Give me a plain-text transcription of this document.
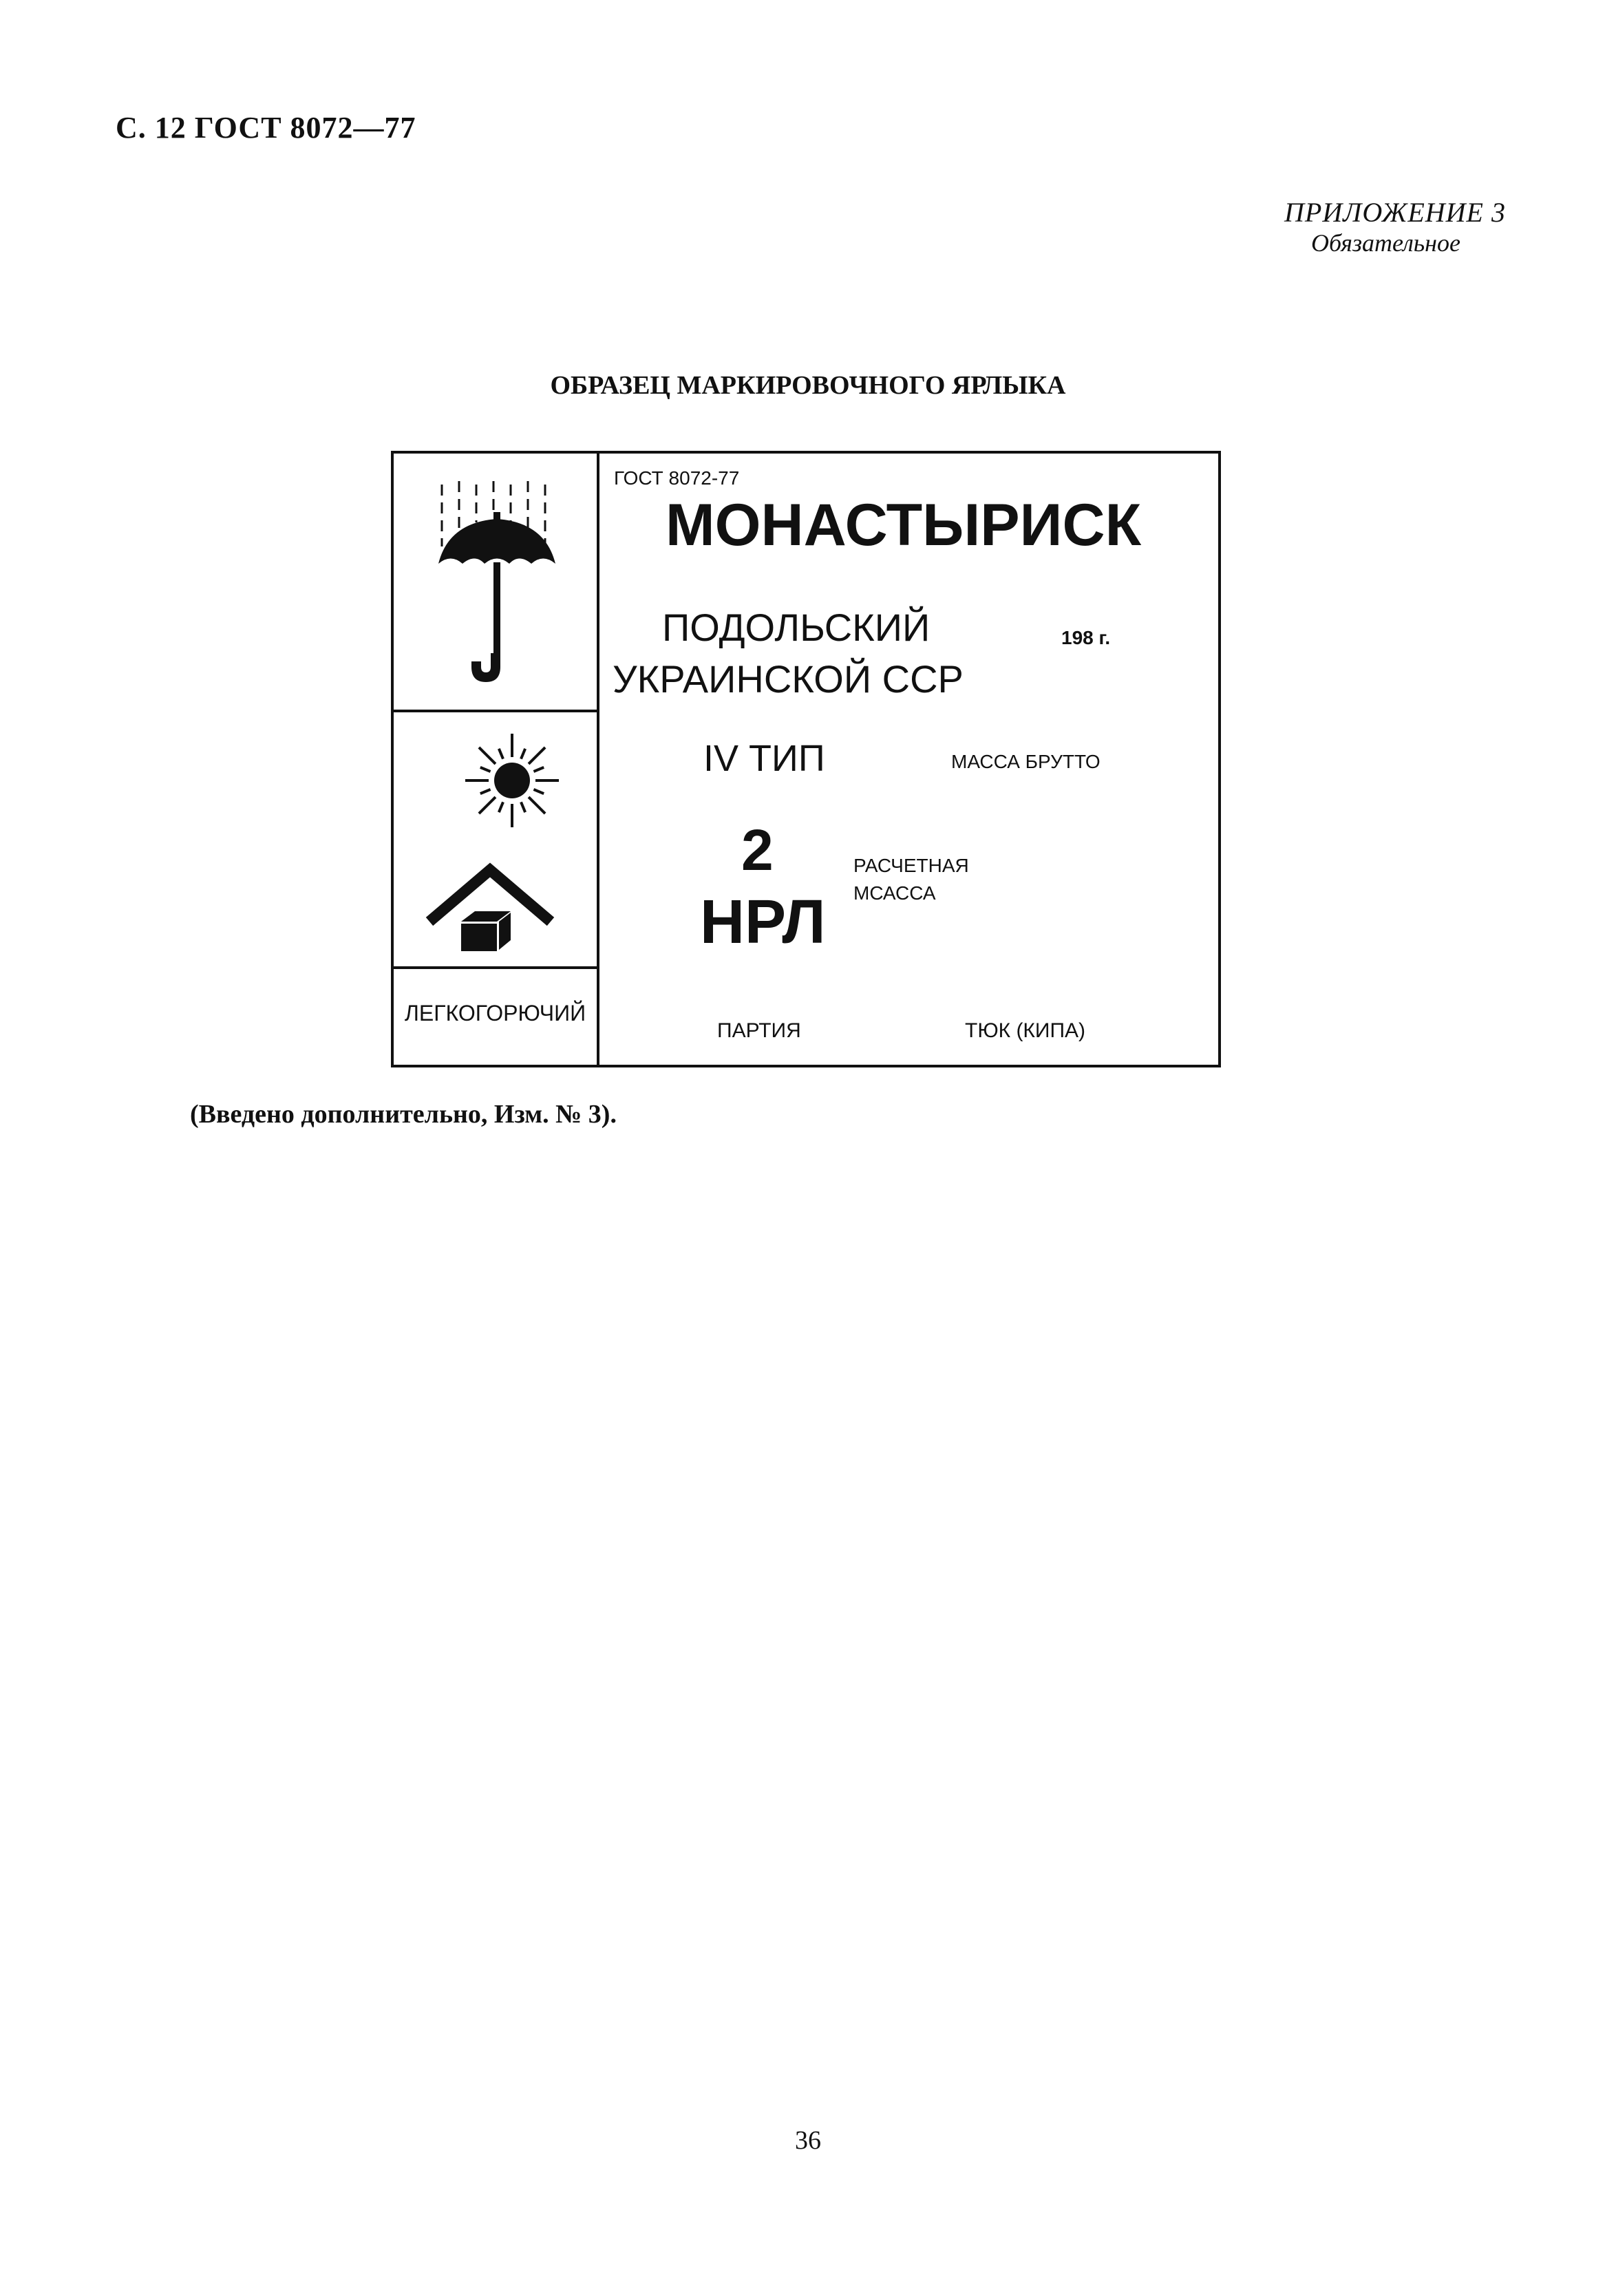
С. 12 ГОСТ 8072—77
ПРИЛОЖЕНИЕ 3
Обязательное
ОБРАЗЕЦ МАРКИРОВОЧНОГО ЯРЛЫКА
ЛЕГКОГОРЮЧИЙ
ГОСТ 8072-77
МОНАСТЫРИСК
ПОДОЛЬСКИЙ	198 г.
УКРАИНСКОЙ ССР
IV ТИП	МАССА БРУТТО
2	РАСЧЕТНАЯ
МСАССА
НРЛ
ПАРТИЯ	ТЮК (КИПА)
(Введено дополнительно, Изм. № 3).
36
